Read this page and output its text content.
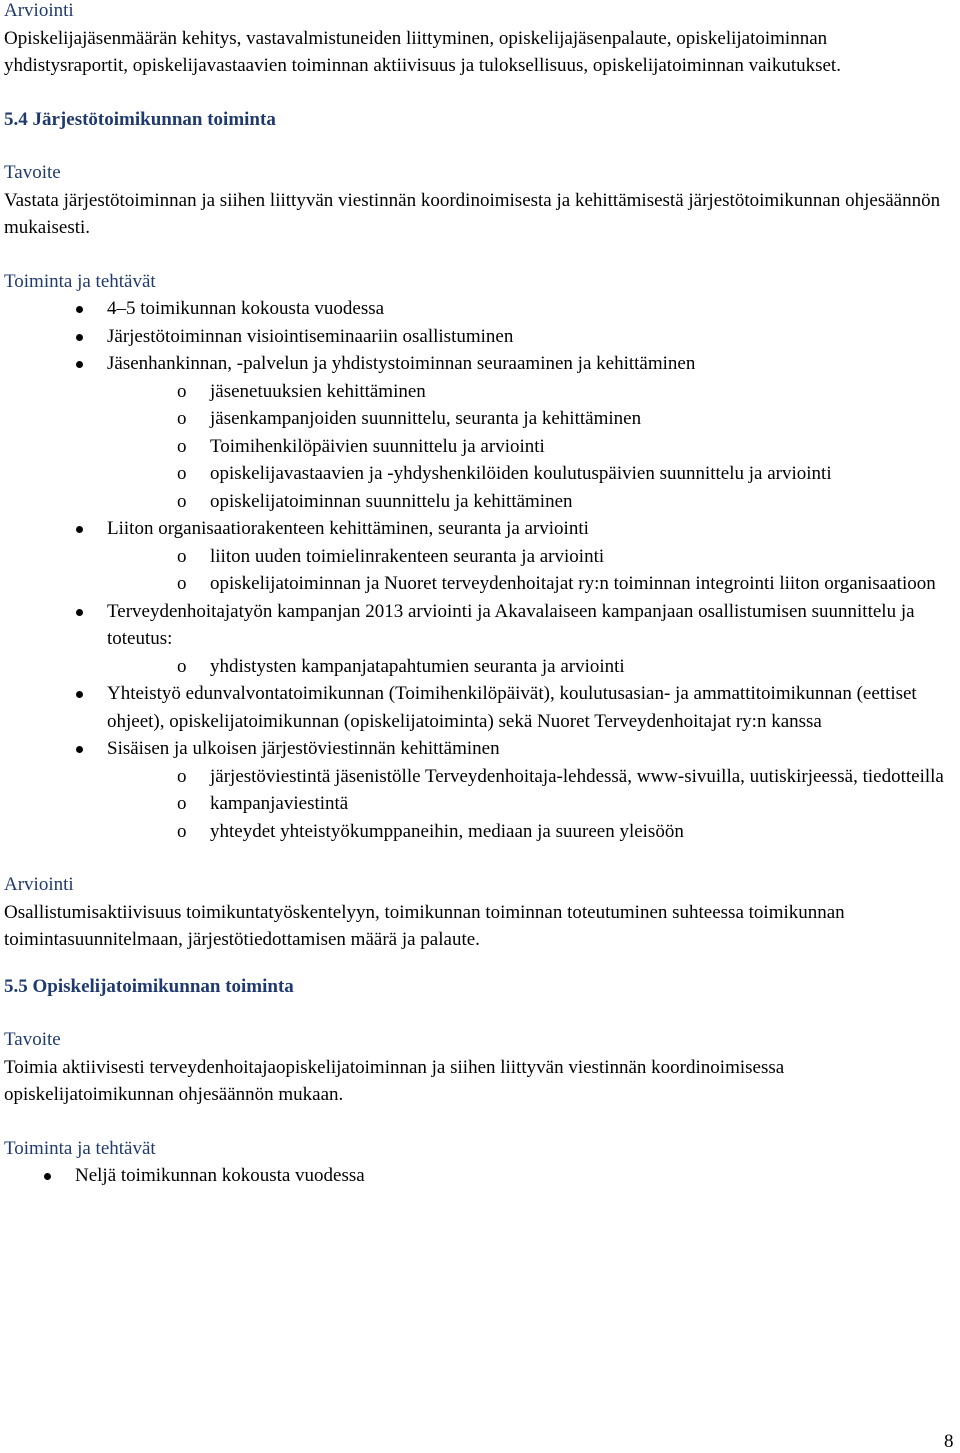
Arviointi

Opiskelijajäsenmäärän kehitys, vastavalmistuneiden liittyminen, opiskelijajäsenpalaute, opiskelijatoiminnan yhdistysraportit, opiskelijavastaavien toiminnan aktiivisuus ja tuloksellisuus, opiskelijatoiminnan vaikutukset.

5.4 Järjestötoimikunnan toiminta

Tavoite

Vastata järjestötoiminnan ja siihen liittyvän viestinnän koordinoimisesta ja kehittämisestä järjestötoimikunnan ohjesäännön mukaisesti.

Toiminta ja tehtävät

4–5 toimikunnan kokousta vuodessa
Järjestötoiminnan visiointiseminaariin osallistuminen
Jäsenhankinnan, -palvelun ja yhdistystoiminnan seuraaminen ja kehittäminen
o jäsenetuuksien kehittäminen
o jäsenkampanjoiden suunnittelu, seuranta ja kehittäminen
o Toimihenkilöpäivien suunnittelu ja arviointi
o opiskelijavastaavien ja -yhdyshenkilöiden koulutuspäivien suunnittelu ja arviointi
o opiskelijatoiminnan suunnittelu ja kehittäminen
Liiton organisaatiorakenteen kehittäminen, seuranta ja arviointi
o liiton uuden toimielinrakenteen seuranta ja arviointi
o opiskelijatoiminnan ja Nuoret terveydenhoitajat ry:n toiminnan integrointi liiton organisaatioon
Terveydenhoitajatyön kampanjan 2013 arviointi ja Akavalaiseen kampanjaan osallistumisen suunnittelu ja toteutus:
o yhdistysten kampanjatapahtumien seuranta ja arviointi
Yhteistyö edunvalvontatoimikunnan (Toimihenkilöpäivät), koulutusasian- ja ammattitoimikunnan (eettiset ohjeet), opiskelijatoimikunnan (opiskelijatoiminta) sekä Nuoret Terveydenhoitajat ry:n kanssa
Sisäisen ja ulkoisen järjestöviestinnän kehittäminen
o järjestöviestintä jäsenistölle Terveydenhoitaja-lehdessä, www-sivuilla, uutiskirjeessä, tiedotteilla
o kampanjaviestintä
o yhteydet yhteistyökumppaneihin, mediaan ja suureen yleisöön

Arviointi

Osallistumisaktiivisuus toimikuntatyöskentelyyn, toimikunnan toiminnan toteutuminen suhteessa toimikunnan toimintasuunnitelmaan, järjestötiedottamisen määrä ja palaute.

5.5 Opiskelijatoimikunnan toiminta

Tavoite

Toimia aktiivisesti terveydenhoitajaopiskelijatoiminnan ja siihen liittyvän viestinnän koordinoimisessa opiskelijatoimikunnan ohjesäännön mukaan.

Toiminta ja tehtävät

Neljä toimikunnan kokousta vuodessa
8
